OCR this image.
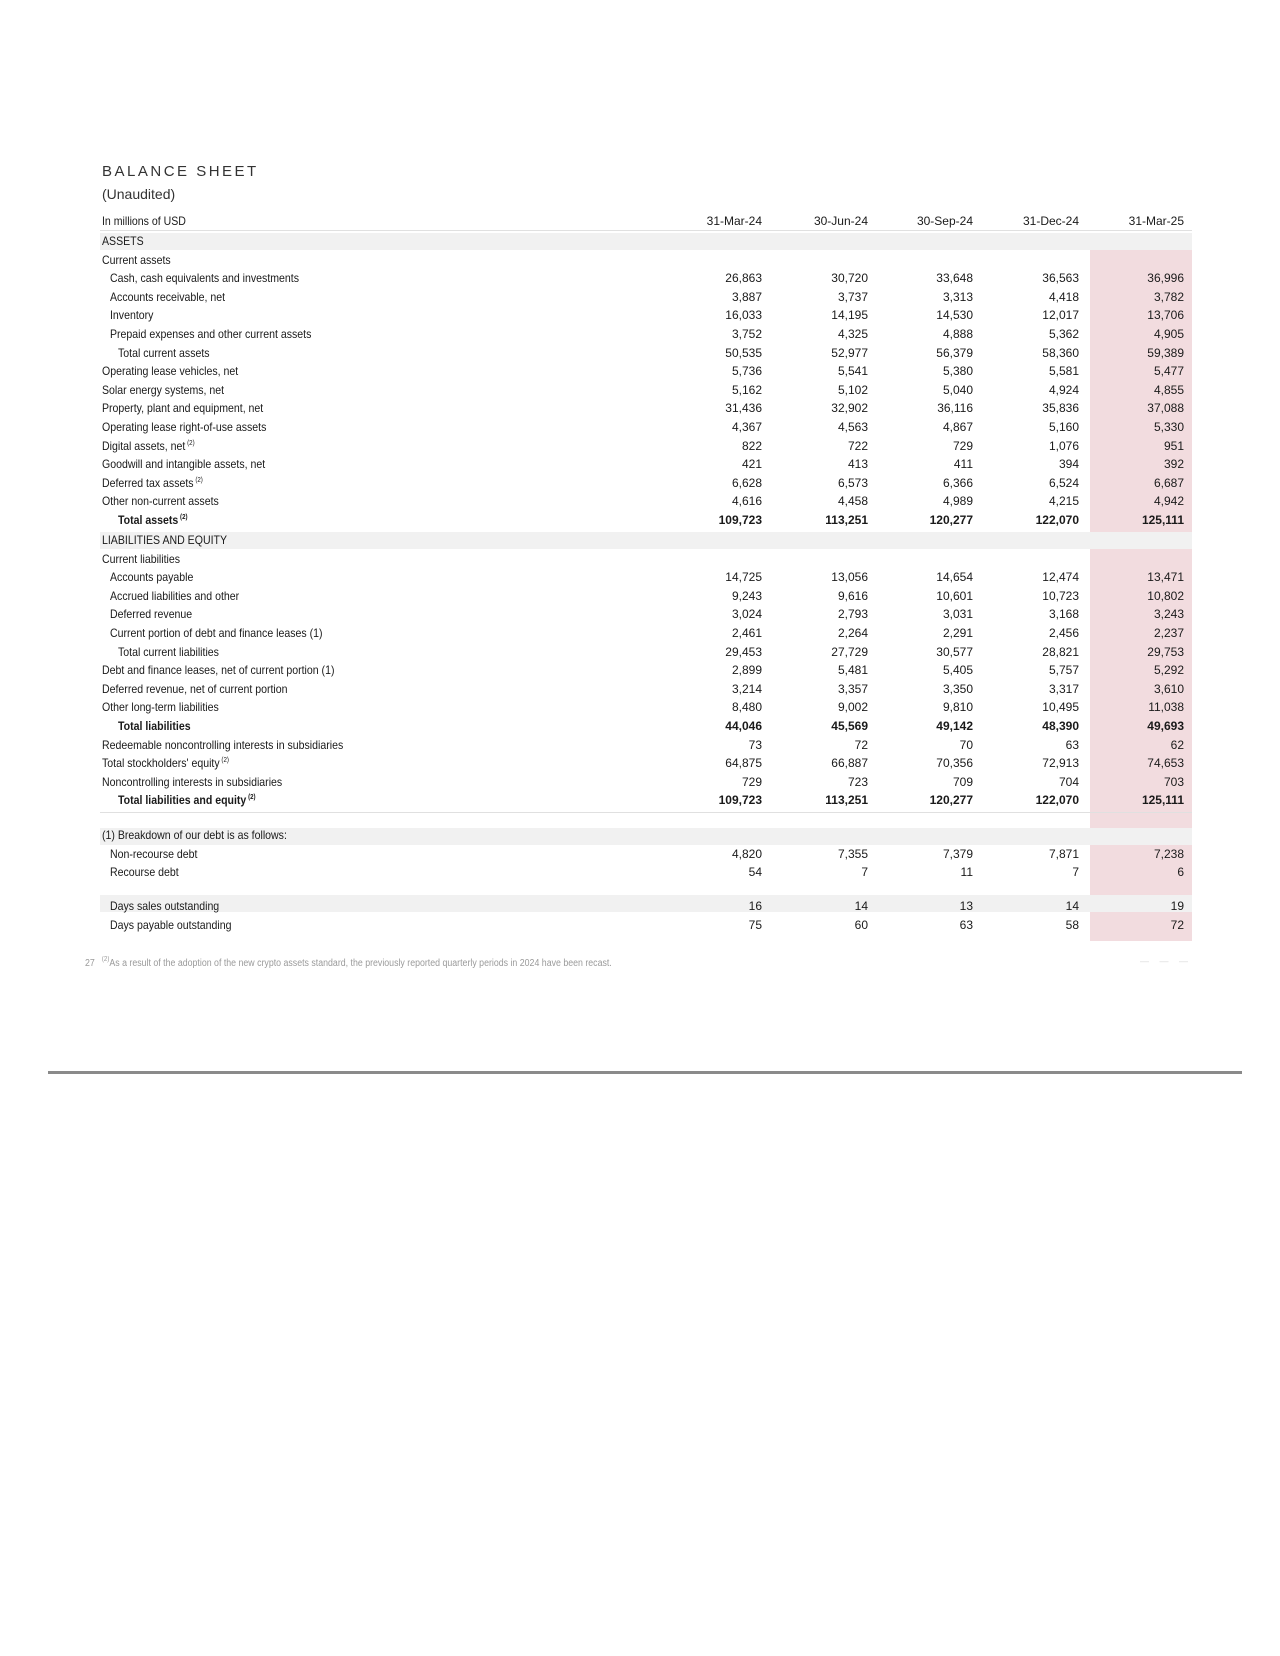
BALANCE SHEET
(Unaudited)
In millions of USD	31-Mar-24	30-Jun-24	30-Sep-24	31-Dec-24	31-Mar-25
ASSETS
Current assets
Cash, cash equivalents and investments	26,863	30,720	33,648	36,563	36,996
Accounts receivable, net	3,887	3,737	3,313	4,418	3,782
Inventory	16,033	14,195	14,530	12,017	13,706
Prepaid expenses and other current assets	3,752	4,325	4,888	5,362	4,905
Total current assets	50,535	52,977	56,379	58,360	59,389
Operating lease vehicles, net	5,736	5,541	5,380	5,581	5,477
Solar energy systems, net	5,162	5,102	5,040	4,924	4,855
Property, plant and equipment, net	31,436	32,902	36,116	35,836	37,088
Operating lease right-of-use assets	4,367	4,563	4,867	5,160	5,330
Digital assets, net $^{(2)}$	822	722	729	1,076	951
Goodwill and intangible assets, net	421	413	411	394	392
Deferred tax assets $^{(2)}$	6,628	6,573	6,366	6,524	6,687
Other non-current assets	4,616	4,458	4,989	4,215	4,942
Total assets $^{(2)}$	109,723	113,251	120,277	122,070	125,111
LIABILITIES AND EQUITY
Current liabilities
Accounts payable	14,725	13,056	14,654	12,474	13,471
Accrued liabilities and other	9,243	9,616	10,601	10,723	10,802
Deferred revenue	3,024	2,793	3,031	3,168	3,243
Current portion of debt and finance leases (1)	2,461	2,264	2,291	2,456	2,237
Total current liabilities	29,453	27,729	30,577	28,821	29,753
Debt and finance leases, net of current portion (1)	2,899	5,481	5,405	5,757	5,292
Deferred revenue, net of current portion	3,214	3,357	3,350	3,317	3,610
Other long-term liabilities	8,480	9,002	9,810	10,495	11,038
Total liabilities	44,046	45,569	49,142	48,390	49,693
Redeemable noncontrolling interests in subsidiaries	73	72	70	63	62
Total stockholders' equity $^{(2)}$	64,875	66,887	70,356	72,913	74,653
Noncontrolling interests in subsidiaries	729	723	709	704	703
Total liabilities and equity $^{(2)}$	109,723	113,251	120,277	122,070	125,111
(1) Breakdown of our debt is as follows:
Non-recourse debt	4,820	7,355	7,379	7,871	7,238
Recourse debt	54	7	11	7	6
Days sales outstanding	16	14	13	14	19
Days payable outstanding	75	60	63	58	72
27 $^{(2)}$As a result of the adoption of the new crypto assets standard, the previously reported quarterly periods in 2024 have been recast.	— — —
